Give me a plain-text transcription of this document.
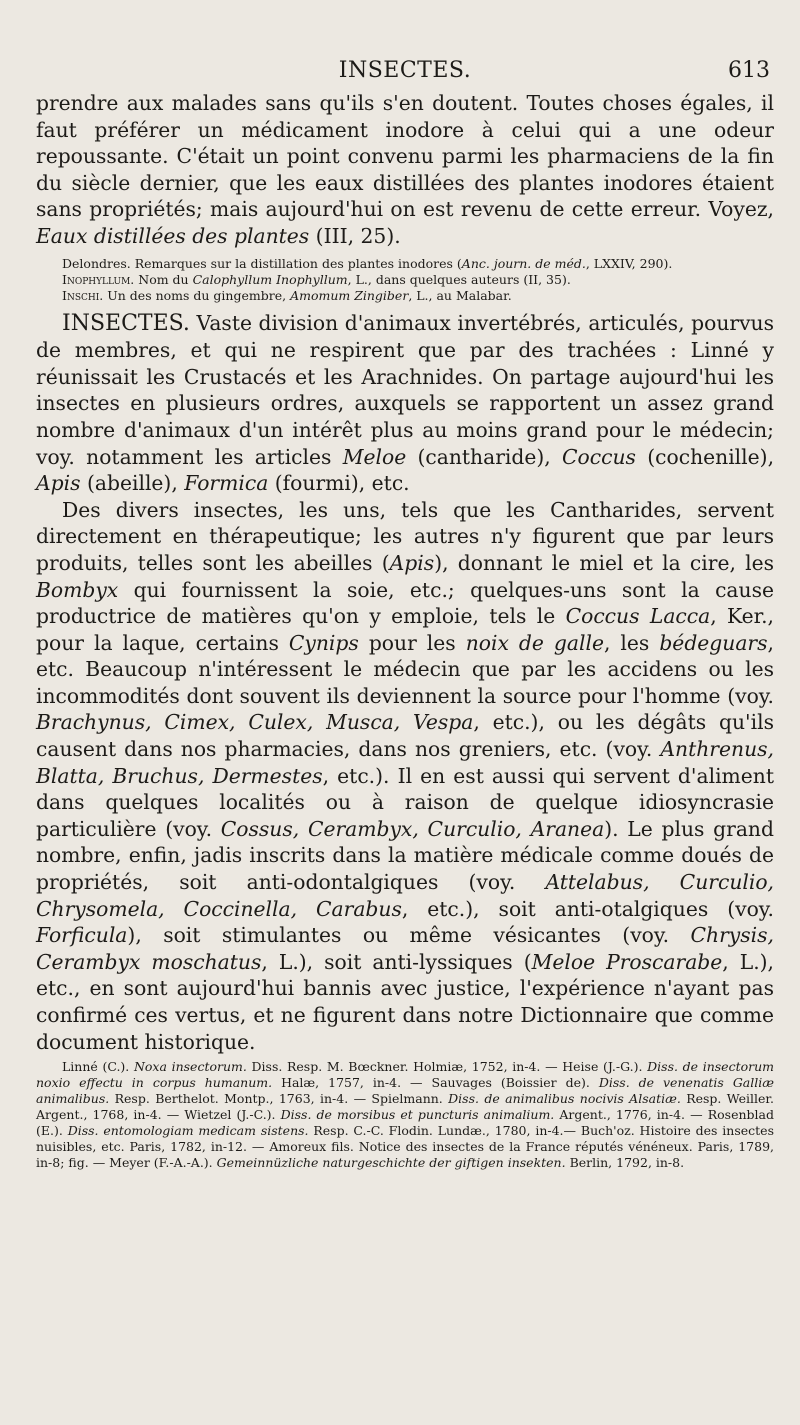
INSECTES.	613

prendre aux malades sans qu'ils s'en doutent. Toutes choses égales, il faut préférer un médicament inodore à celui qui a une odeur repoussante. C'était un point convenu parmi les pharmaciens de la fin du siècle dernier, que les eaux distillées des plantes inodores étaient sans propriétés; mais aujourd'hui on est revenu de cette erreur. Voyez, Eaux distillées des plantes (III, 25).

Delondres. Remarques sur la distillation des plantes inodores (Anc. journ. de méd., LXXIV, 290).

Inophyllum. Nom du Calophyllum Inophyllum, L., dans quelques auteurs (II, 35).

Inschi. Un des noms du gingembre, Amomum Zingiber, L., au Malabar.

INSECTES. Vaste division d'animaux invertébrés, articulés, pourvus de membres, et qui ne respirent que par des trachées : Linné y réunissait les Crustacés et les Arachnides. On partage aujourd'hui les insectes en plusieurs ordres, auxquels se rapportent un assez grand nombre d'animaux d'un intérêt plus au moins grand pour le médecin; voy. notamment les articles Meloe (cantharide), Coccus (cochenille), Apis (abeille), Formica (fourmi), etc.

Des divers insectes, les uns, tels que les Cantharides, servent directement en thérapeutique; les autres n'y figurent que par leurs produits, telles sont les abeilles (Apis), donnant le miel et la cire, les Bombyx qui fournissent la soie, etc.; quelques-uns sont la cause productrice de matières qu'on y emploie, tels le Coccus Lacca, Ker., pour la laque, certains Cynips pour les noix de galle, les bédeguars, etc. Beaucoup n'intéressent le médecin que par les accidens ou les incommodités dont souvent ils deviennent la source pour l'homme (voy. Brachynus, Cimex, Culex, Musca, Vespa, etc.), ou les dégâts qu'ils causent dans nos pharmacies, dans nos greniers, etc. (voy. Anthrenus, Blatta, Bruchus, Dermestes, etc.). Il en est aussi qui servent d'aliment dans quelques localités ou à raison de quelque idiosyncrasie particulière (voy. Cossus, Cerambyx, Curculio, Aranea). Le plus grand nombre, enfin, jadis inscrits dans la matière médicale comme doués de propriétés, soit anti-odontalgiques (voy. Attelabus, Curculio, Chrysomela, Coccinella, Carabus, etc.), soit anti-otalgiques (voy. Forficula), soit stimulantes ou même vésicantes (voy. Chrysis, Cerambyx moschatus, L.), soit anti-lyssiques (Meloe Proscarabe, L.), etc., en sont aujourd'hui bannis avec justice, l'expérience n'ayant pas confirmé ces vertus, et ne figurent dans notre Dictionnaire que comme document historique.

Linné (C.). Noxa insectorum. Diss. Resp. M. Bœckner. Holmiæ, 1752, in-4. — Heise (J.-G.). Diss. de insectorum noxio effectu in corpus humanum. Halæ, 1757, in-4. — Sauvages (Boissier de). Diss. de venenatis Galliæ animalibus. Resp. Berthelot. Montp., 1763, in-4. — Spielmann. Diss. de animalibus nocivis Alsatiæ. Resp. Weiller. Argent., 1768, in-4. — Wietzel (J.-C.). Diss. de morsibus et puncturis animalium. Argent., 1776, in-4. — Rosenblad (E.). Diss. entomologiam medicam sistens. Resp. C.-C. Flodin. Lundæ., 1780, in-4.— Buch'oz. Histoire des insectes nuisibles, etc. Paris, 1782, in-12. — Amoreux fils. Notice des insectes de la France réputés vénéneux. Paris, 1789, in-8; fig. — Meyer (F.-A.-A.). Gemeinnüzliche naturgeschichte der giftigen insekten. Berlin, 1792, in-8.
